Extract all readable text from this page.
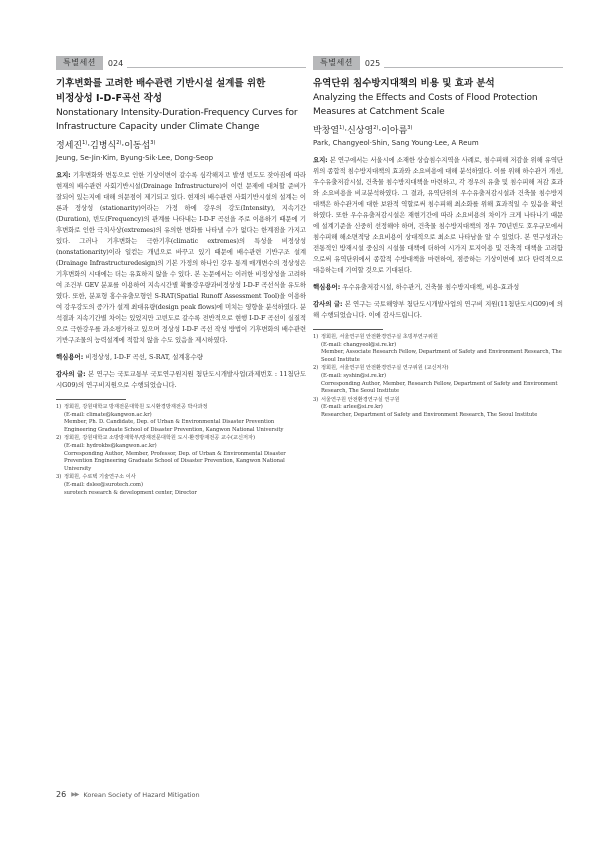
특별세션	024
기후변화를 고려한 배수관련 기반시설 설계를 위한
비정상성 I-D-F곡선 작성
Nonstationary Intensity-Duration-Frequency Curves for
Infrastructure Capacity under Climate Change
정세진$^{1)}$·김병식$^{2)}$·이동섭$^{3)}$
Jeung, Se-Jin·Kim, Byung-Sik·Lee, Dong-Seop
요지: 기후변화와 변동으로 인한 기상이변이 갈수록 심각해지고 발생 빈도도 잦아짐에 따라 현재의 배수관련 사회기반시설(Drainage Infrastructure)이 이런 문제에 대처할 준비가 잘되어 있는지에 대해 의문점이 제기되고 있다. 현재의 배수관련 사회기반시설의 설계는 이론과 정상성 (stationarity)이라는 가정 하에 강우의 강도(Intensity), 지속기간(Duration), 빈도(Frequency)의 관계를 나타내는 I-D-F 곡선을 주로 이용하기 때문에 기후변화로 인한 극치사상(extremes)의 유의한 변화를 나타낼 수가 없다는 한계점을 가지고 있다. 그러나 기후변화는 극한기후(climatic extremes)의 특성을 비정상성(nonstationarity)이라 일컫는 개념으로 바꾸고 있기 때문에 배수관련 기반구조 설계(Drainage Infrastructuredesign)의 기본 가정의 하나인 강우 통계 매개변수의 정상성은 기후변화의 시대에는 더는 유효하지 않을 수 있다. 본 논문에서는 이러한 비정상성을 고려하여 조건부 GEV 분포를 이용하여 지속시간별 확률강우량과비정상성 I-D-F 곡선식을 유도하였다. 또한, 분포형 홍수유출모형인 S-RAT(Spatial Runoff Assessment Tool)을 이용하여 강우강도의 증가가 설계 최대유량(design peak flows)에 미치는 영향을 분석하였다. 분석결과 지속기간별 차이는 있었지만 고빈도로 갈수록 전반적으로 현행 I-D-F 곡선이 실질적으로 극한강우를 과소평가하고 있으며 정상성 I-D-F 곡선 작성 방법이 기후변화의 배수관련 기반구조물의 능력설계에 적합치 않을 수도 있음을 제시하였다.
핵심용어: 비정상성, I-D-F 곡선, S-RAT, 설계홍수량
감사의 글: 본 연구는 국토교통부 국토연구원지원 첨단도시개발사업(과제번호 : 11첨단도시G09)의 연구비지원으로 수행되었습니다.
1) 정회원, 강원대학교 방재전문대학원 도시환경방재전공 박사과정
(E-mail: climate@kangwon.ac.kr)
Member, Ph. D. Candidate, Dep. of Urban & Environmental Disaster Prevention Engineering Graduate School of Disaster Prevention, Kangwon National University
2) 정회원, 강원대학교 소방방재학부/방재전문대학원 도시·환경방재전공 교수(교신저자)
(E-mail: hydrokbs@kangwon.ac.kr)
Corresponding Author, Member, Professor, Dep. of Urban & Environmental Disaster Prevention Engineering Graduate School of Disaster Prevention, Kangwon National University
3) 정회원, 수로텍 기술연구소 이사
(E-mail: dslee@surotech.com)
surotech research & development center, Director
특별세션	025
유역단위 침수방지대책의 비용 및 효과 분석
Analyzing the Effects and Costs of Flood Protection
Measures at Catchment Scale
박창열$^{1)}$·신상영$^{2)}$·이아름$^{3)}$
Park, Changyeol·Shin, Sang Young·Lee, A Reum
요지: 본 연구에서는 서울시에 소재한 상습침수지역을 사례로, 침수피해 저감을 위해 유역단위의 종합적 침수방지대책의 효과와 소요비용에 대해 분석하였다. 이를 위해 하수관거 개선, 우수유출저감시설, 건축물 침수방지대책을 마련하고, 각 경우의 유출 및 침수피해 저감 효과와 소요비용을 비교분석하였다. 그 결과, 유역단위의 우수유출저감시설과 건축물 침수방지대책은 하수관거에 대한 보완적 역할로써 침수피해 최소화를 위해 효과적일 수 있음을 확인하였다. 또한 우수유출저감시설은 재현기간에 따라 소요비용의 차이가 크게 나타나기 때문에 설계기준을 신중히 선정해야 하며, 건축물 침수방지대책의 경우 70년빈도 호우규모에서 침수피해 해소면적당 소요비용이 상대적으로 최소로 나타남을 알 수 있었다. 본 연구성과는 전통적인 방재시설 중심의 시설물 대책에 더하여 시가지 토지이용 및 건축적 대책을 고려함으로써 유역단위에서 종합적 수방대책을 마련하여, 점증하는 기상이변에 보다 탄력적으로 대응하는데 기여할 것으로 기대된다.
핵심용어: 우수유출저감시설, 하수관거, 건축물 침수방지대책, 비용-효과성
감사의 글: 본 연구는 국토해양부 첨단도시개발사업의 연구비 지원(11첨단도시G09)에 의해 수행되었습니다. 이에 감사드립니다.
1) 정회원, 서울연구원 안전환경연구실 초빙부연구위원
(E-mail: changyeol@si.re.kr)
Member, Associate Research Fellow, Department of Safety and Environment Research, The Seoul Institute
2) 정회원, 서울연구원 안전환경연구실 연구위원 (교신저자)
(E-mail: syshin@si.re.kr)
Corresponding Author, Member, Research Fellow, Department of Safety and Environment Research, The Seoul Institute
3) 서울연구원 안전환경연구실 연구원
(E-mail: arlee@si.re.kr)
Researcher, Department of Safety and Environment Research, The Seoul Institute
26 ▶▶ Korean Society of Hazard Mitigation
